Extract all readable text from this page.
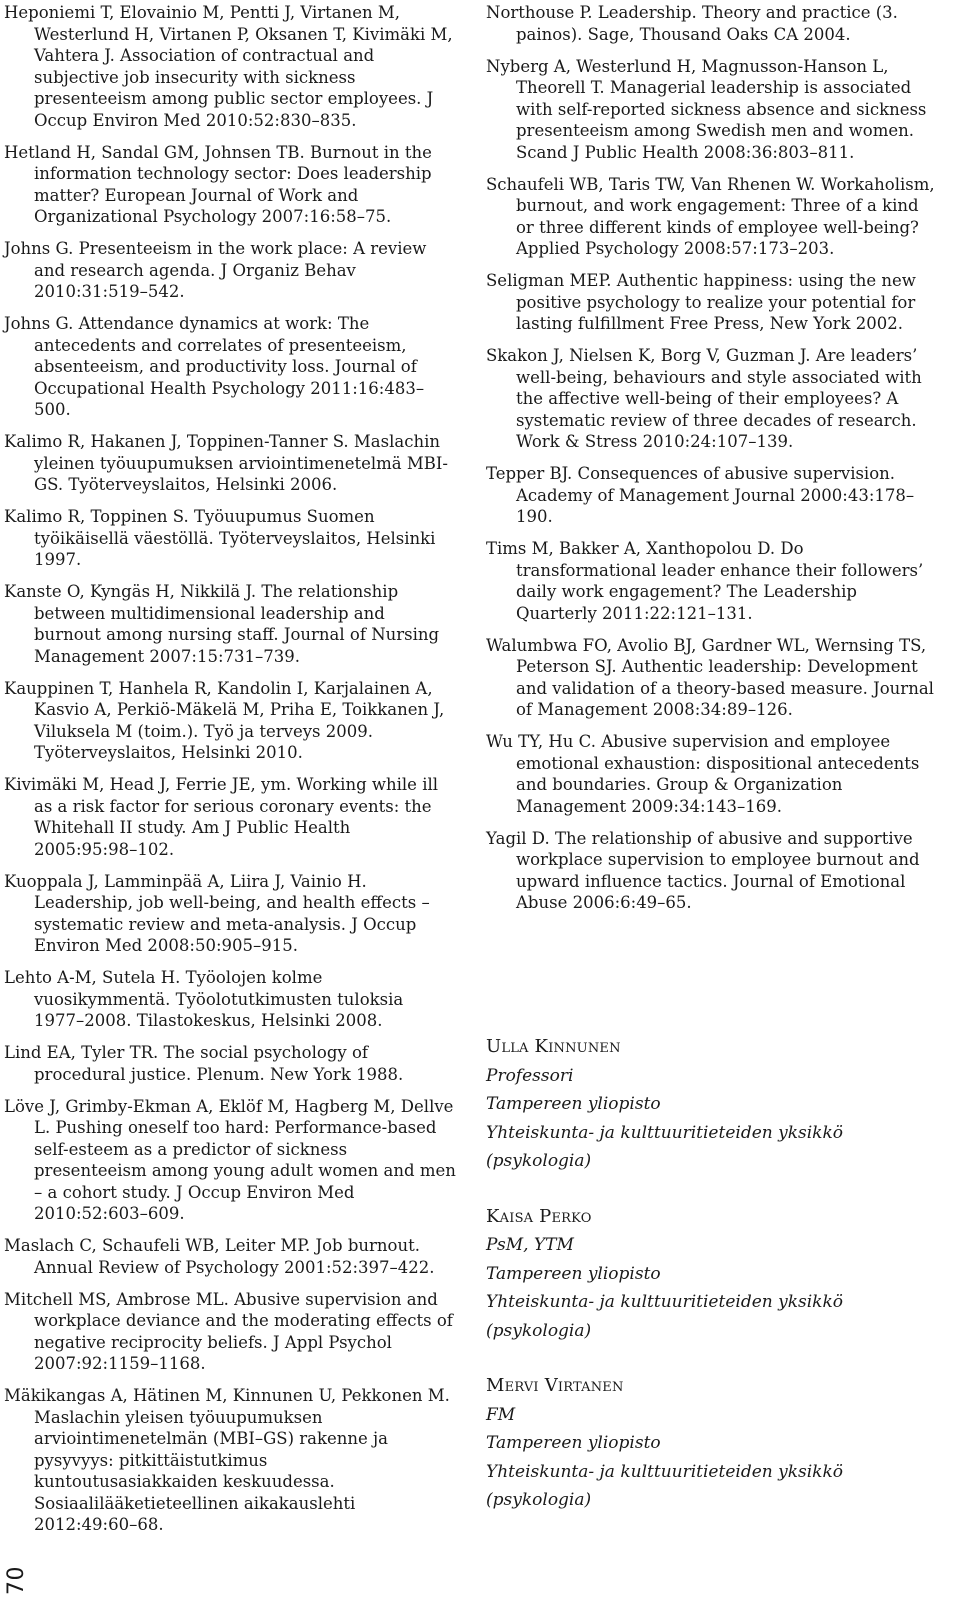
Heponiemi T, Elovainio M, Pentti J, Virtanen M, Westerlund H, Virtanen P, Oksanen T, Kivimäki M, Vahtera J. Association of contractual and subjective job insecurity with sickness presenteeism among public sector employees. J Occup Environ Med 2010:52:830–835.

Hetland H, Sandal GM, Johnsen TB. Burnout in the information technology sector: Does leadership matter? European Journal of Work and Organizational Psychology 2007:16:58–75.

Johns G. Presenteeism in the work place: A review and research agenda. J Organiz Behav 2010:31:519–542.

Johns G. Attendance dynamics at work: The antecedents and correlates of presenteeism, absenteeism, and productivity loss. Journal of Occupational Health Psychology 2011:16:483–500.

Kalimo R, Hakanen J, Toppinen-Tanner S. Maslachin yleinen työuupumuksen arviointimenetelmä MBI-GS. Työterveyslaitos, Helsinki 2006.

Kalimo R, Toppinen S. Työuupumus Suomen työikäisellä väestöllä. Työterveyslaitos, Helsinki 1997.

Kanste O, Kyngäs H, Nikkilä J. The relationship between multidimensional leadership and burnout among nursing staff. Journal of Nursing Management 2007:15:731–739.

Kauppinen T, Hanhela R, Kandolin I, Karjalainen A, Kasvio A, Perkiö-Mäkelä M, Priha E, Toikkanen J, Viluksela M (toim.). Työ ja terveys 2009. Työterveyslaitos, Helsinki 2010.

Kivimäki M, Head J, Ferrie JE, ym. Working while ill as a risk factor for serious coronary events: the Whitehall II study. Am J Public Health 2005:95:98–102.

Kuoppala J, Lamminpää A, Liira J, Vainio H. Leadership, job well-being, and health effects – systematic review and meta-analysis. J Occup Environ Med 2008:50:905–915.

Lehto A-M, Sutela H. Työolojen kolme vuosikymmentä. Työolotutkimusten tuloksia 1977–2008. Tilastokeskus, Helsinki 2008.

Lind EA, Tyler TR. The social psychology of procedural justice. Plenum. New York 1988.

Löve J, Grimby-Ekman A, Eklöf M, Hagberg M, Dellve L. Pushing oneself too hard: Performance-based self-esteem as a predictor of sickness presenteeism among young adult women and men – a cohort study. J Occup Environ Med 2010:52:603–609.

Maslach C, Schaufeli WB, Leiter MP. Job burnout. Annual Review of Psychology 2001:52:397–422.

Mitchell MS, Ambrose ML. Abusive supervision and workplace deviance and the moderating effects of negative reciprocity beliefs. J Appl Psychol 2007:92:1159–1168.

Mäkikangas A, Hätinen M, Kinnunen U, Pekkonen M. Maslachin yleisen työuupumuksen arviointimenetelmän (MBI–GS) rakenne ja pysyvyys: pitkittäistutkimus kuntoutusasiakkaiden keskuudessa. Sosiaalilääketieteellinen aikakauslehti 2012:49:60–68.

Northouse P. Leadership. Theory and practice (3. painos). Sage, Thousand Oaks CA 2004.

Nyberg A, Westerlund H, Magnusson-Hanson L, Theorell T. Managerial leadership is associated with self-reported sickness absence and sickness presenteeism among Swedish men and women. Scand J Public Health 2008:36:803–811.

Schaufeli WB, Taris TW, Van Rhenen W. Workaholism, burnout, and work engagement: Three of a kind or three different kinds of employee well-being? Applied Psychology 2008:57:173–203.

Seligman MEP. Authentic happiness: using the new positive psychology to realize your potential for lasting fulfillment Free Press, New York 2002.

Skakon J, Nielsen K, Borg V, Guzman J. Are leaders’ well-being, behaviours and style associated with the affective well-being of their employees? A systematic review of three decades of research. Work & Stress 2010:24:107–139.

Tepper BJ. Consequences of abusive supervision. Academy of Management Journal 2000:43:178–190.

Tims M, Bakker A, Xanthopolou D. Do transformational leader enhance their followers’ daily work engagement? The Leadership Quarterly 2011:22:121–131.

Walumbwa FO, Avolio BJ, Gardner WL, Wernsing TS, Peterson SJ. Authentic leadership: Development and validation of a theory-based measure. Journal of Management 2008:34:89–126.

Wu TY, Hu C. Abusive supervision and employee emotional exhaustion: dispositional antecedents and boundaries. Group & Organization Management 2009:34:143–169.

Yagil D. The relationship of abusive and supportive workplace supervision to employee burnout and upward influence tactics. Journal of Emotional Abuse 2006:6:49–65.

Ulla Kinnunen
Professori
Tampereen yliopisto
Yhteiskunta- ja kulttuuritieteiden yksikkö
(psykologia)
Kaisa Perko
PsM, YTM
Tampereen yliopisto
Yhteiskunta- ja kulttuuritieteiden yksikkö
(psykologia)
Mervi Virtanen
FM
Tampereen yliopisto
Yhteiskunta- ja kulttuuritieteiden yksikkö
(psykologia)
70
